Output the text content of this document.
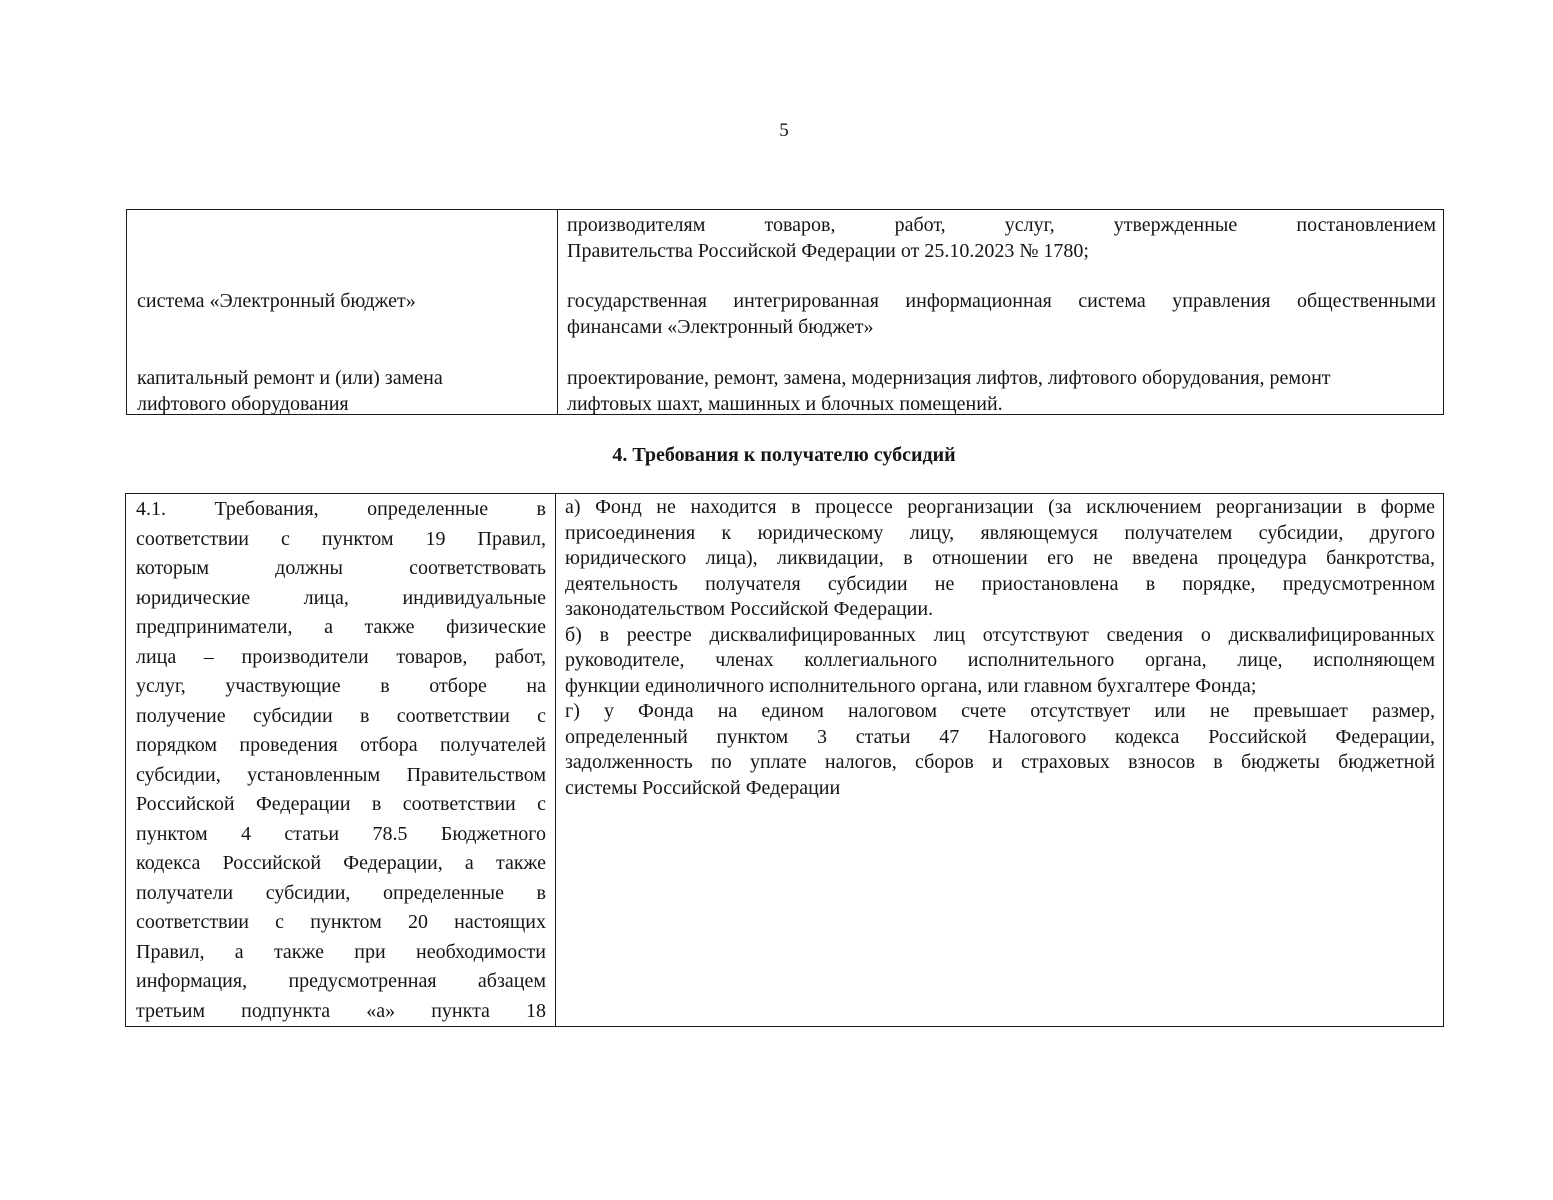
5
производителям товаров, работ, услуг, утвержденные постановлением
Правительства Российской Федерации от 25.10.2023 № 1780;
система «Электронный бюджет»	государственная интегрированная информационная система управления общественными
финансами «Электронный бюджет»
капитальный ремонт и (или) замена
лифтового оборудования
проектирование, ремонт, замена, модернизация лифтов, лифтового оборудования, ремонт
лифтовых шахт, машинных и блочных помещений.
4. Требования к получателю субсидий
4.1. Требования, определенные в
соответствии с пунктом 19 Правил,
которым должны соответствовать
юридические лица, индивидуальные
предприниматели, а также физические
лица – производители товаров, работ,
услуг, участвующие в отборе на
получение субсидии в соответствии с
порядком проведения отбора получателей
субсидии, установленным Правительством
Российской Федерации в соответствии с
пунктом 4 статьи 78.5 Бюджетного
кодекса Российской Федерации, а также
получатели субсидии, определенные в
соответствии с пунктом 20 настоящих
Правил, а также при необходимости
информация, предусмотренная абзацем
третьим подпункта «а» пункта 18
а) Фонд не находится в процессе реорганизации (за исключением реорганизации в форме
присоединения к юридическому лицу, являющемуся получателем субсидии, другого
юридического лица), ликвидации, в отношении его не введена процедура банкротства,
деятельность получателя субсидии не приостановлена в порядке, предусмотренном
законодательством Российской Федерации.
б) в реестре дисквалифицированных лиц отсутствуют сведения о дисквалифицированных
руководителе, членах коллегиального исполнительного органа, лице, исполняющем
функции единоличного исполнительного органа, или главном бухгалтере Фонда;
г) у Фонда на едином налоговом счете отсутствует или не превышает размер,
определенный пунктом 3 статьи 47 Налогового кодекса Российской Федерации,
задолженность по уплате налогов, сборов и страховых взносов в бюджеты бюджетной
системы Российской Федерации
